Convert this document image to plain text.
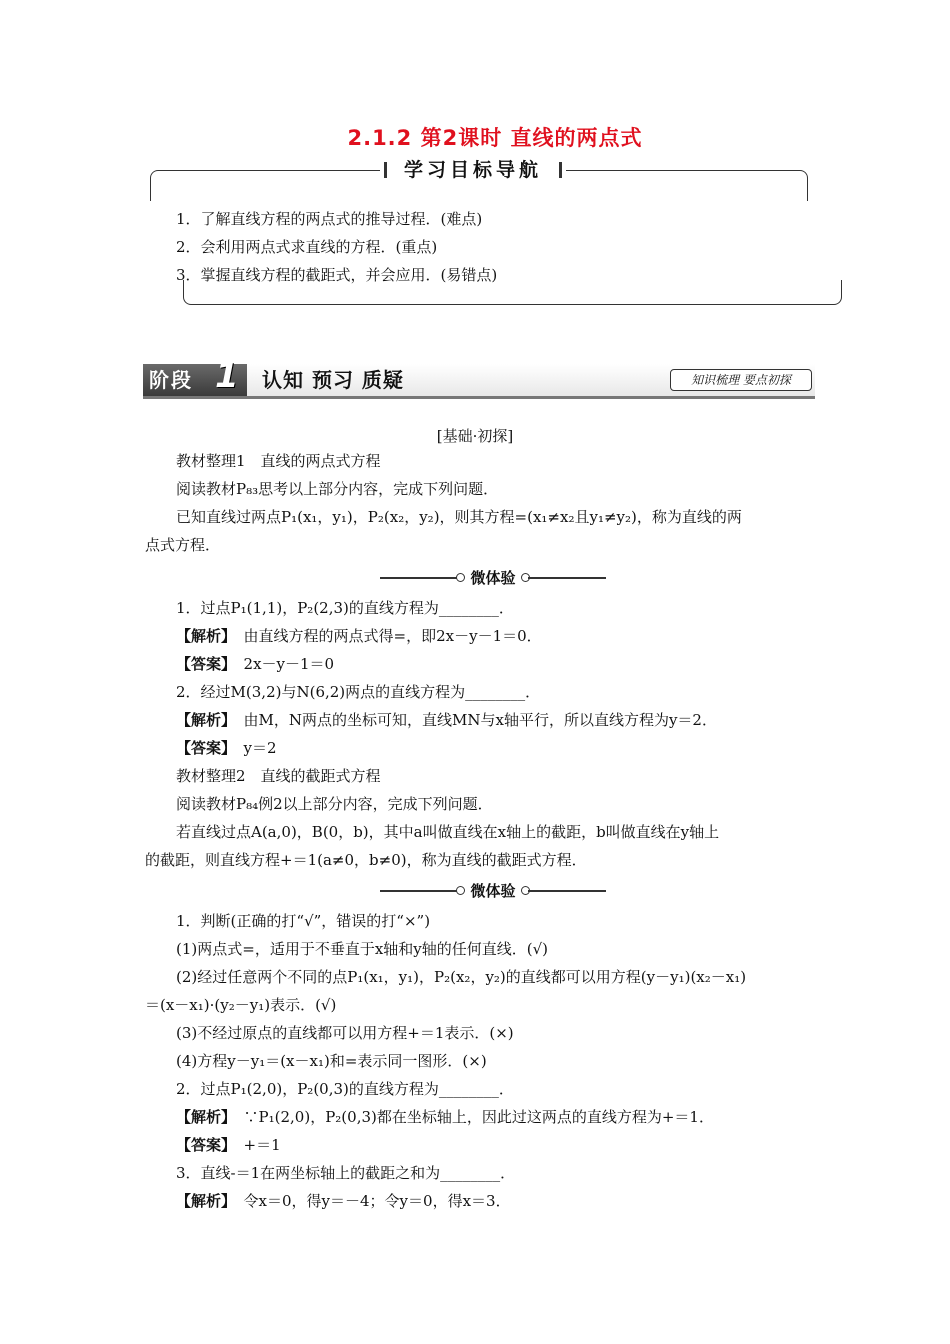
2.1.2 第2课时 直线的两点式
学习目标导航
1．了解直线方程的两点式的推导过程．(难点)
2．会利用两点式求直线的方程．(重点)
3．掌握直线方程的截距式，并会应用．(易错点)
阶段 1 认知 预习 质疑	知识梳理 要点初探
[基础·初探]
教材整理1　直线的两点式方程
阅读教材P₈₃思考以上部分内容，完成下列问题．
已知直线过两点P₁(x₁，y₁)，P₂(x₂，y₂)，则其方程=(x₁≠x₂且y₁≠y₂)，称为直线的两
点式方程．
微体验
1．过点P₁(1,1)，P₂(2,3)的直线方程为________．
【解析】　 由直线方程的两点式得=，即2x－y－1＝0．
【答案】　 2x－y－1＝0
2．经过M(3,2)与N(6,2)两点的直线方程为________．
【解析】　 由M，N两点的坐标可知，直线MN与x轴平行，所以直线方程为y＝2．
【答案】　 y＝2
教材整理2　直线的截距式方程
阅读教材P₈₄例2以上部分内容，完成下列问题．
若直线过点A(a,0)，B(0，b)，其中a叫做直线在x轴上的截距，b叫做直线在y轴上
的截距，则直线方程+＝1(a≠0，b≠0)，称为直线的截距式方程．
微体验
1．判断(正确的打“√”，错误的打“×”)
(1)两点式=，适用于不垂直于x轴和y轴的任何直线．(√)
(2)经过任意两个不同的点P₁(x₁，y₁)，P₂(x₂，y₂)的直线都可以用方程(y－y₁)(x₂－x₁)
＝(x－x₁)·(y₂－y₁)表示．(√)
(3)不经过原点的直线都可以用方程+＝1表示．(×)
(4)方程y－y₁＝(x－x₁)和=表示同一图形．(×)
2．过点P₁(2,0)，P₂(0,3)的直线方程为________．
【解析】　 ∵P₁(2,0)，P₂(0,3)都在坐标轴上，因此过这两点的直线方程为+＝1．
【答案】　 +＝1
3．直线-＝1在两坐标轴上的截距之和为________．
【解析】　 令x＝0，得y＝－4；令y＝0，得x＝3．
